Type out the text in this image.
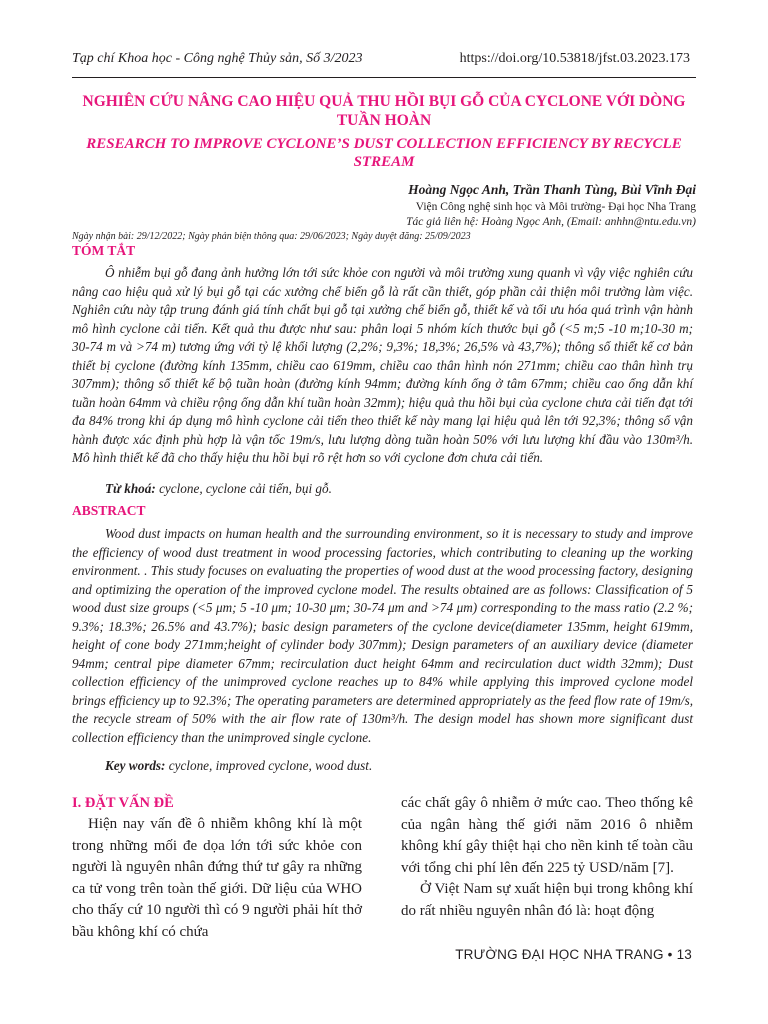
Tạp chí Khoa học - Công nghệ Thủy sản, Số 3/2023	https://doi.org/10.53818/jfst.03.2023.173
NGHIÊN CỨU NÂNG CAO HIỆU QUẢ THU HỒI BỤI GỖ CỦA CYCLONE VỚI DÒNG TUẦN HOÀN
RESEARCH TO IMPROVE CYCLONE’S DUST COLLECTION EFFICIENCY BY RECYCLE STREAM
Hoàng Ngọc Anh, Trần Thanh Tùng, Bùi Vĩnh Đại
Viện Công nghệ sinh học và Môi trường- Đại học Nha Trang
Tác giả liên hệ: Hoàng Ngọc Anh, (Email: anhhn@ntu.edu.vn)
Ngày nhận bài: 29/12/2022; Ngày phản biện thông qua: 29/06/2023; Ngày duyệt đăng: 25/09/2023
TÓM TẮT

Ô nhiễm bụi gỗ đang ảnh hưởng lớn tới sức khỏe con người và môi trường xung quanh vì vậy việc nghiên cứu nâng cao hiệu quả xử lý bụi gỗ tại các xưởng chế biến gỗ là rất cần thiết, góp phần cải thiện môi trường làm việc. Nghiên cứu này tập trung đánh giá tính chất bụi gỗ tại xưởng chế biến gỗ, thiết kế và tối ưu hóa quá trình vận hành mô hình cyclone cải tiến. Kết quả thu được như sau: phân loại 5 nhóm kích thước bụi gỗ (<5 m;5 -10 m;10-30 m; 30-74 m và >74 m) tương ứng với tỷ lệ khối lượng (2,2%; 9,3%; 18,3%; 26,5% và 43,7%); thông số thiết kế cơ bản thiết bị cyclone (đường kính 135mm, chiều cao 619mm, chiều cao thân hình nón 271mm; chiều cao thân hình trụ 307mm); thông số thiết kế bộ tuần hoàn (đường kính 94mm; đường kính ống ở tâm 67mm; chiều cao ống dẫn khí tuần hoàn 64mm và chiều rộng ống dẫn khí tuần hoàn 32mm); hiệu quả thu hồi bụi của cyclone chưa cải tiến đạt tới đa 84% trong khi áp dụng mô hình cyclone cải tiến theo thiết kế này mang lại hiệu quả lên tới 92,3%; thông số vận hành được xác định phù hợp là vận tốc 19m/s, lưu lượng dòng tuần hoàn 50% với lưu lượng khí đầu vào 130m³/h. Mô hình thiết kế đã cho thấy hiệu thu hồi bụi rõ rệt hơn so với cyclone đơn chưa cải tiến.

Từ khoá: cyclone, cyclone cải tiến, bụi gỗ.
ABSTRACT

Wood dust impacts on human health and the surrounding environment, so it is necessary to study and improve the efficiency of wood dust treatment in wood processing factories, which contributing to cleaning up the working environment. . This study focuses on evaluating the properties of wood dust at the wood processing factory, designing and optimizing the operation of the improved cyclone model. The results obtained are as follows: Classification of 5 wood dust size groups (<5 μm; 5 -10 μm; 10-30 μm; 30-74 μm and >74 μm) corresponding to the mass ratio (2.2 %; 9.3%; 18.3%; 26.5% and 43.7%); basic design parameters of the cyclone device(diameter 135mm, height 619mm, height of cone body 271mm;height of cylinder body 307mm); Design parameters of an auxiliary device (diameter 94mm; central pipe diameter 67mm; recirculation duct height 64mm and recirculation duct width 32mm); Dust collection efficiency of the unimproved cyclone reaches up to 84% while applying this improved cyclone model brings efficiency up to 92.3%; The operating parameters are determined appropriately as the feed flow rate of 19m/s, the recycle stream of 50% with the air flow rate of 130m³/h. The design model has shown more significant dust collection efficiency than the unimproved single cyclone.

Key words: cyclone, improved cyclone, wood dust.
I. ĐẶT VẤN ĐỀ

Hiện nay vấn đề ô nhiễm không khí là một trong những mối đe dọa lớn tới sức khỏe con người là nguyên nhân đứng thứ tư gây ra những ca tử vong trên toàn thế giới. Dữ liệu của WHO cho thấy cứ 10 người thì có 9 người phải hít thở bầu không khí có chứa

các chất gây ô nhiễm ở mức cao. Theo thống kê của ngân hàng thế giới năm 2016 ô nhiễm không khí gây thiệt hại cho nền kinh tế toàn cầu với tổng chi phí lên đến 225 tỷ USD/năm [7].

Ở Việt Nam sự xuất hiện bụi trong không khí do rất nhiều nguyên nhân đó là: hoạt động

TRƯỜNG ĐẠI HỌC NHA TRANG • 13
